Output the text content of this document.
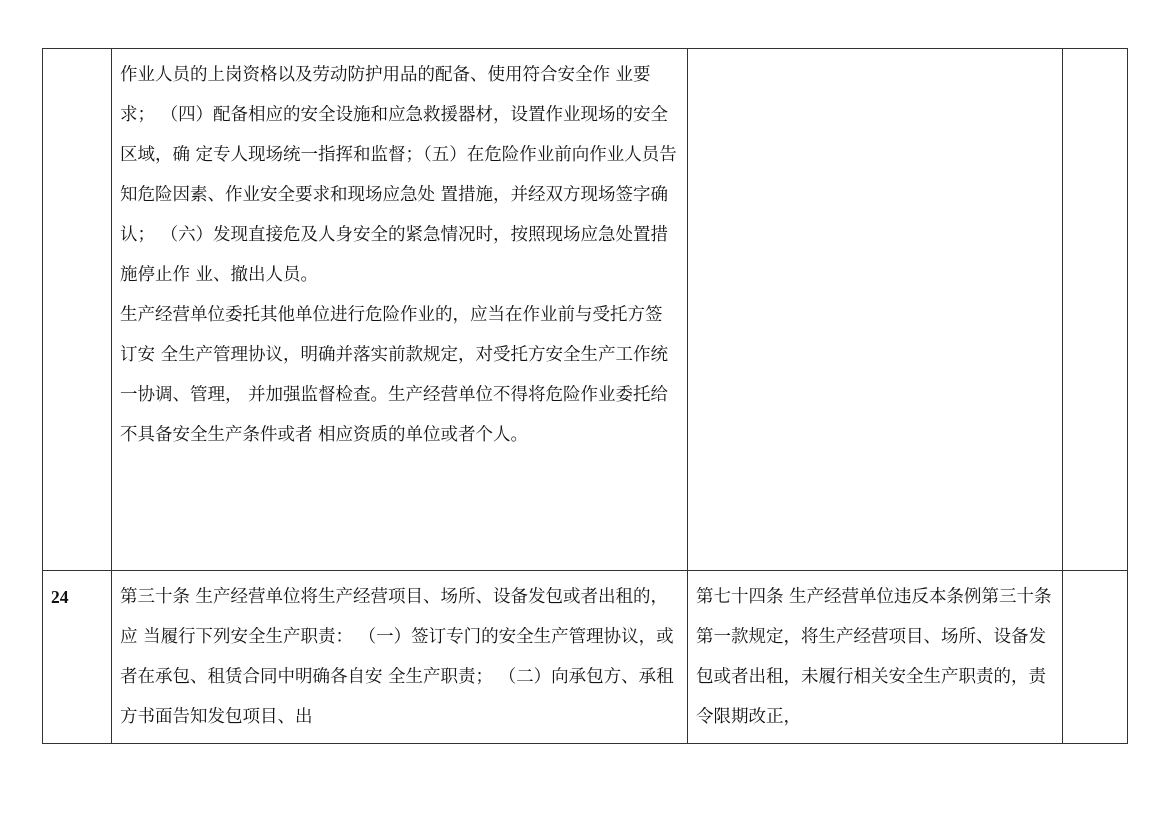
	作业人员的上岗资格以及劳动防护用品的配备、使用符合安全作 业要求； （四）配备相应的安全设施和应急救援器材，设置作业现场的安全区域，确 定专人现场统一指挥和监督；（五）在危险作业前向作业人员告知危险因素、作业安全要求和现场应急处 置措施，并经双方现场签字确认； （六）发现直接危及人身安全的紧急情况时，按照现场应急处置措施停止作 业、撤出人员。

生产经营单位委托其他单位进行危险作业的，应当在作业前与受托方签订安 全生产管理协议，明确并落实前款规定，对受托方安全生产工作统一协调、管理， 并加强监督检查。生产经营单位不得将危险作业委托给不具备安全生产条件或者 相应资质的单位或者个人。		

24	第三十条 生产经营单位将生产经营项目、场所、设备发包或者出租的，应 当履行下列安全生产职责： （一）签订专门的安全生产管理协议，或者在承包、租赁合同中明确各自安 全生产职责； （二）向承包方、承租方书面告知发包项目、出	第七十四条 生产经营单位违反本条例第三十条第一款规定，将生产经营项目、场所、设备发包或者出租，未履行相关安全生产职责的，责令限期改正，	
